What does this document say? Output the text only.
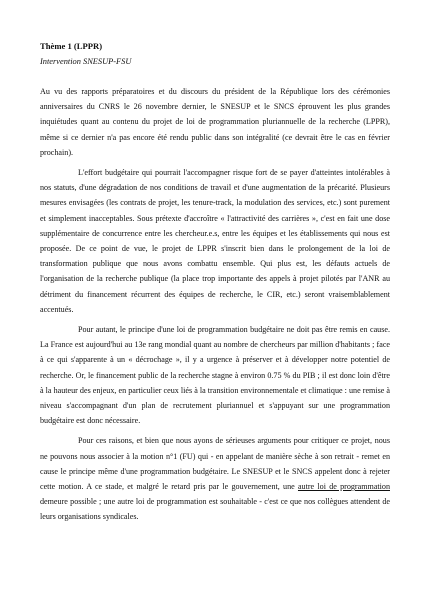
Thème 1 (LPPR)
Intervention SNESUP-FSU

Au vu des rapports préparatoires et du discours du président de la République lors des cérémonies anniversaires du CNRS le 26 novembre dernier, le SNESUP et le SNCS éprouvent les plus grandes inquiétudes quant au contenu du projet de loi de programmation pluriannuelle de la recherche (LPPR), même si ce dernier n'a pas encore été rendu public dans son intégralité (ce devrait être le cas en février prochain).

L'effort budgétaire qui pourrait l'accompagner risque fort de se payer d'atteintes intolérables à nos statuts, d'une dégradation de nos conditions de travail et d'une augmentation de la précarité. Plusieurs mesures envisagées (les contrats de projet, les tenure-track, la modulation des services, etc.) sont purement et simplement inacceptables. Sous prétexte d'accroître « l'attractivité des carrières », c'est en fait une dose supplémentaire de concurrence entre les chercheur.e.s, entre les équipes et les établissements qui nous est proposée. De ce point de vue, le projet de LPPR s'inscrit bien dans le prolongement de la loi de transformation publique que nous avons combattu ensemble. Qui plus est, les défauts actuels de l'organisation de la recherche publique (la place trop importante des appels à projet pilotés par l'ANR au détriment du financement récurrent des équipes de recherche, le CIR, etc.) seront vraisemblablement accentués.

Pour autant, le principe d'une loi de programmation budgétaire ne doit pas être remis en cause. La France est aujourd'hui au 13e rang mondial quant au nombre de chercheurs par million d'habitants ; face à ce qui s'apparente à un « décrochage », il y a urgence à préserver et à développer notre potentiel de recherche. Or, le financement public de la recherche stagne à environ 0.75 % du PIB ; il est donc loin d'être à la hauteur des enjeux, en particulier ceux liés à la transition environnementale et climatique : une remise à niveau s'accompagnant d'un plan de recrutement pluriannuel et s'appuyant sur une programmation budgétaire est donc nécessaire.

Pour ces raisons, et bien que nous ayons de sérieuses arguments pour critiquer ce projet, nous ne pouvons nous associer à la motion n°1 (FU) qui - en appelant de manière sèche à son retrait - remet en cause le principe même d'une programmation budgétaire. Le SNESUP et le SNCS appelent donc à rejeter cette motion. A ce stade, et malgré le retard pris par le gouvernement, une autre loi de programmation demeure possible ; une autre loi de programmation est souhaitable - c'est ce que nos collègues attendent de leurs organisations syndicales.
